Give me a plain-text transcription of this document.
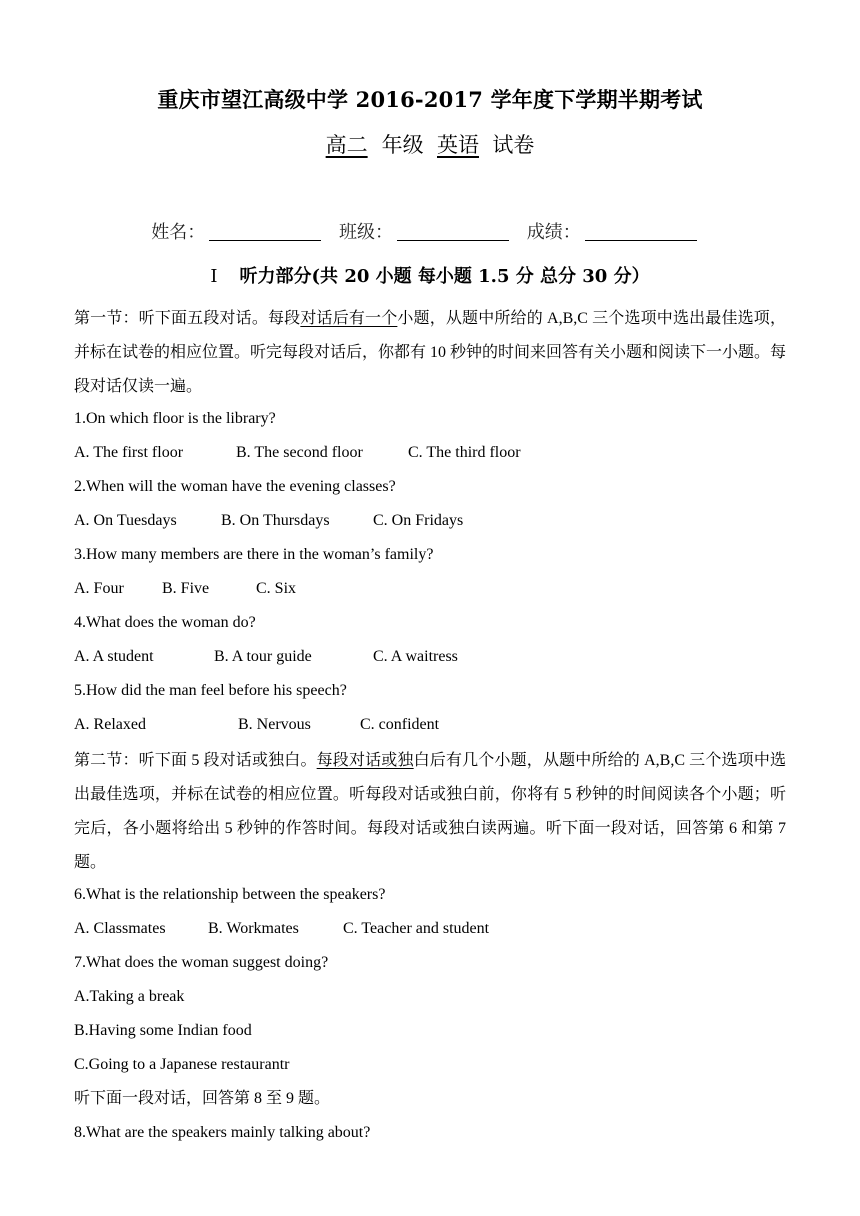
重庆市望江高级中学 2016-2017 学年度下学期半期考试
高二 年级 英语 试卷
姓名：	班级：	成绩：
Ⅰ 听力部分(共 20 小题 每小题 1.5 分 总分 30 分）
第一节：听下面五段对话。每段对话后有一个小题，从题中所给的 A,B,C 三个选项中选出最佳选项，并标在试卷的相应位置。听完每段对话后，你都有 10 秒钟的时间来回答有关小题和阅读下一小题。每段对话仅读一遍。
1.On which floor is the library?
A. The first floor	B. The second floor	C. The third floor
2.When will the woman have the evening classes?
A. On Tuesdays	B. On Thursdays	C. On Fridays
3.How many members are there in the woman’s family?
A. Four B. Five	C. Six
4.What does the woman do?
A. A student	B. A tour guide	C. A waitress
5.How did the man feel before his speech?
A. Relaxed	B. Nervous	C. confident
第二节：听下面 5 段对话或独白。每段对话或独白后有几个小题，从题中所给的 A,B,C 三个选项中选出最佳选项，并标在试卷的相应位置。听每段对话或独白前，你将有 5 秒钟的时间阅读各个小题；听完后，各小题将给出 5 秒钟的作答时间。每段对话或独白读两遍。听下面一段对话，回答第 6 和第 7 题。
6.What is the relationship between the speakers?
A. Classmates	B. Workmates	C. Teacher and student
7.What does the woman suggest doing?
A.Taking a break
B.Having some Indian food
C.Going to a Japanese restaurantr
听下面一段对话，回答第 8 至 9 题。
8.What are the speakers mainly talking about?
